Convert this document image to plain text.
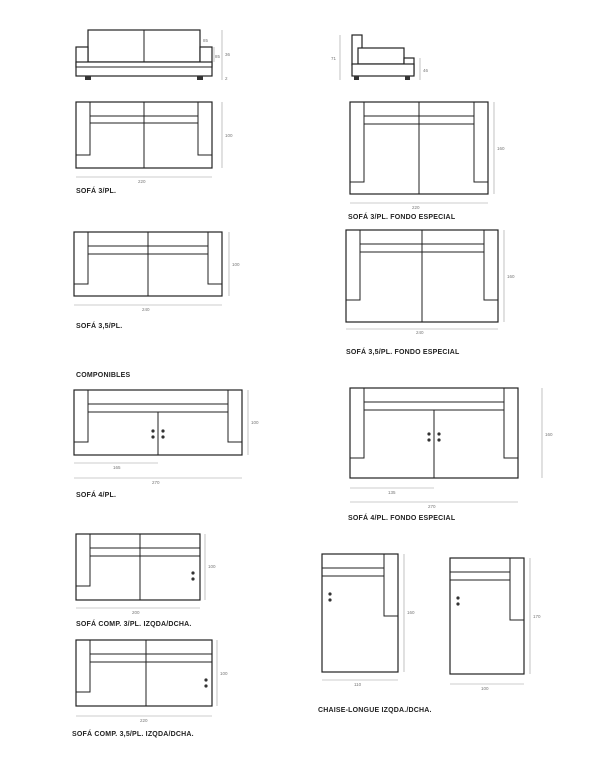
85
85 36
2
71
46
220
100
SOFÁ 3/PL.
220
160
SOFÁ 3/PL. FONDO ESPECIAL
240
100
SOFÁ 3,5/PL.
240
160
SOFÁ 3,5/PL. FONDO ESPECIAL
COMPONIBLES
165
270
100
SOFÁ 4/PL.	135
270
160
SOFÁ 4/PL. FONDO ESPECIAL
200
100
SOFÁ COMP. 3/PL. IZQDA/DCHA.
220
100
SOFÁ COMP. 3,5/PL. IZQDA/DCHA.
110
160
100
170
CHAISE-LONGUE IZQDA./DCHA.
